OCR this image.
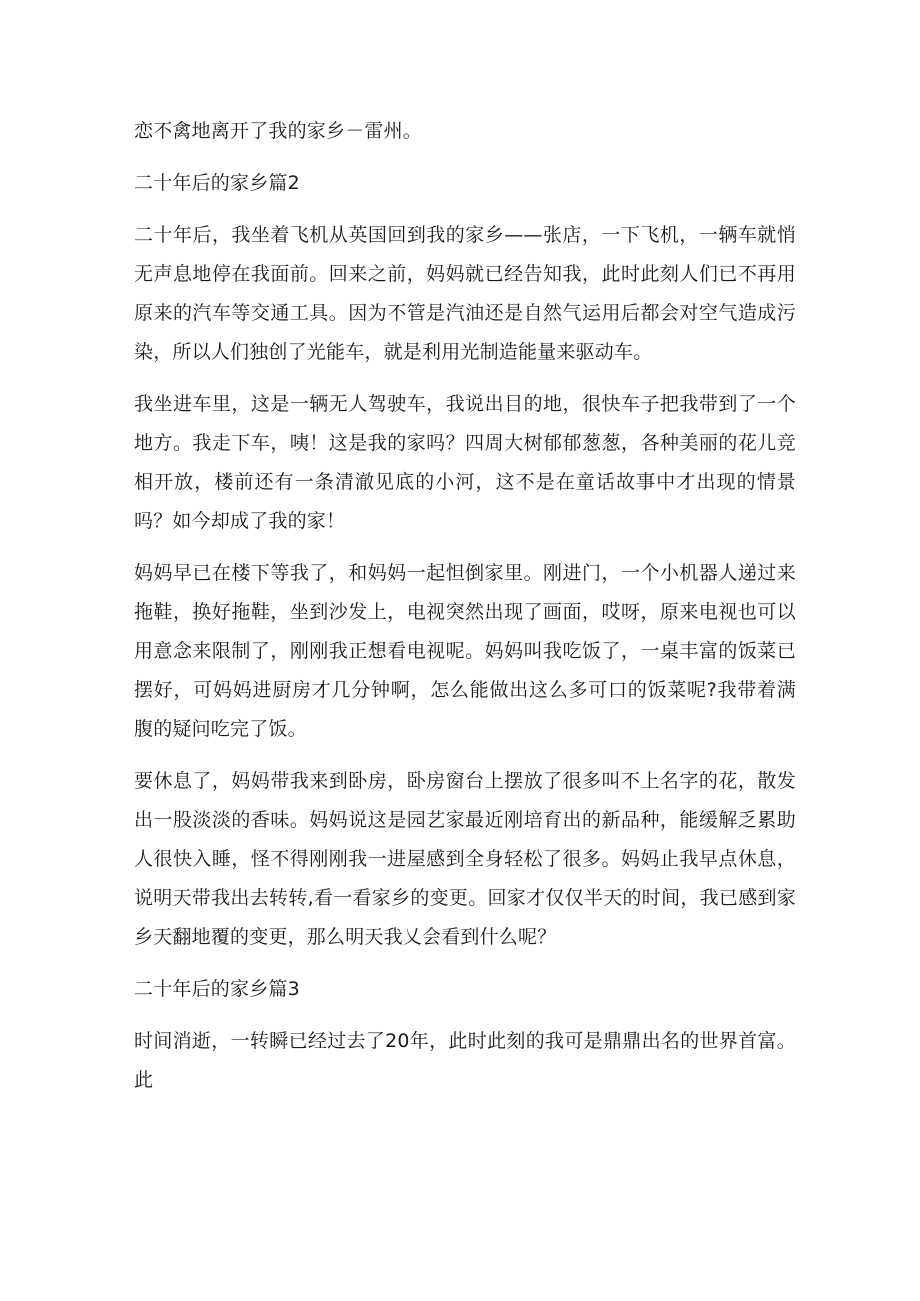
恋不禽地离开了我的家乡－雷州。

二十年后的家乡篇2

二十年后，我坐着飞机从英国回到我的家乡——张店，一下飞机，一辆车就悄无声息地停在我面前。回来之前，妈妈就已经告知我，此时此刻人们已不再用原来的汽车等交通工具。因为不管是汽油还是自然气运用后都会对空气造成污染，所以人们独创了光能车，就是利用光制造能量来驱动车。

我坐进车里，这是一辆无人驾驶车，我说出目的地，很快车子把我带到了一个地方。我走下车，咦！这是我的家吗？四周大树郁郁葱葱，各种美丽的花儿竞相开放，楼前还有一条清澈见底的小河，这不是在童话故事中才出现的情景吗？如今却成了我的家！

妈妈早已在楼下等我了，和妈妈一起怛倒家里。刚进门，一个小机器人递过来拖鞋，换好拖鞋，坐到沙发上，电视突然出现了画面，哎呀，原来电视也可以用意念来限制了，刚刚我正想看电视呢。妈妈叫我吃饭了，一桌丰富的饭菜已摆好，可妈妈进厨房才几分钟啊，怎么能做出这么多可口的饭菜呢?我带着满腹的疑问吃完了饭。

要休息了，妈妈带我来到卧房，卧房窗台上摆放了很多叫不上名字的花，散发出一股淡淡的香味。妈妈说这是园艺家最近刚培育出的新品种，能缓解乏累助人很快入睡，怪不得刚刚我一进屋感到全身轻松了很多。妈妈止我早点休息，说明天带我出去转转,看一看家乡的变更。回家才仅仅半天的时间，我已感到家乡天翻地覆的变更，那么明天我乂会看到什么呢？

二十年后的家乡篇3

时间消逝，一转瞬已经过去了20年，此时此刻的我可是鼎鼎出名的世界首富。此
